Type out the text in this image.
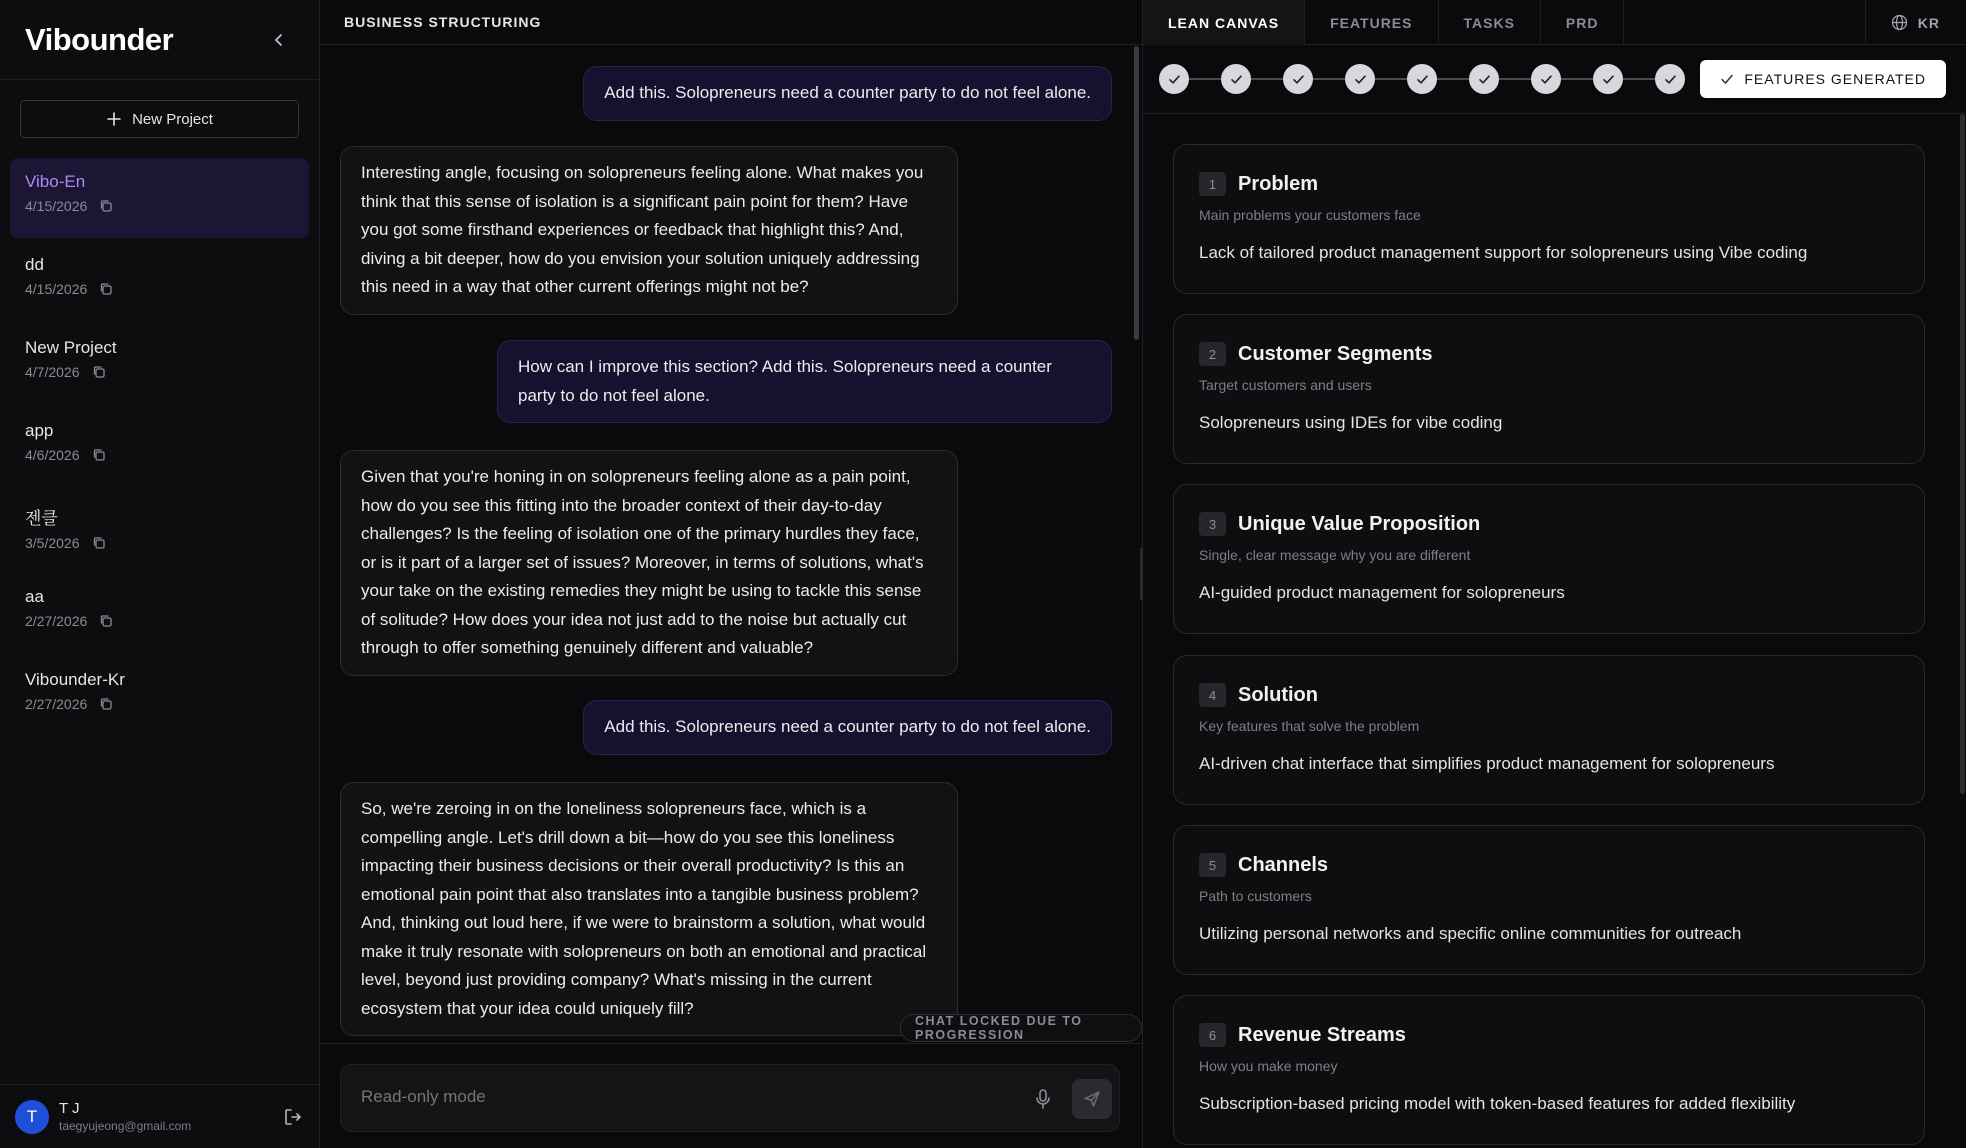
Vibounder
New Project
Vibo-En
4/15/2026
dd
4/15/2026
New Project
4/7/2026
app
4/6/2026
젠클
3/5/2026
aa
2/27/2026
Vibounder-Kr
2/27/2026
T	T J
taegyujeong@gmail.com
BUSINESS STRUCTURING
Add this. Solopreneurs need a counter party to do not feel alone.
Interesting angle, focusing on solopreneurs feeling alone. What makes you think that this sense of isolation is a significant pain point for them? Have you got some firsthand experiences or feedback that highlight this? And, diving a bit deeper, how do you envision your solution uniquely addressing this need in a way that other current offerings might not be?
How can I improve this section? Add this. Solopreneurs need a counter party to do not feel alone.
Given that you're honing in on solopreneurs feeling alone as a pain point, how do you see this fitting into the broader context of their day-to-day challenges? Is the feeling of isolation one of the primary hurdles they face, or is it part of a larger set of issues? Moreover, in terms of solutions, what's your take on the existing remedies they might be using to tackle this sense of solitude? How does your idea not just add to the noise but actually cut through to offer something genuinely different and valuable?
Add this. Solopreneurs need a counter party to do not feel alone.
So, we're zeroing in on the loneliness solopreneurs face, which is a compelling angle. Let's drill down a bit—how do you see this loneliness impacting their business decisions or their overall productivity? Is this an emotional pain point that also translates into a tangible business problem? And, thinking out loud here, if we were to brainstorm a solution, what would make it truly resonate with solopreneurs on both an emotional and practical level, beyond just providing company? What's missing in the current ecosystem that your idea could uniquely fill?
CHAT LOCKED DUE TO PROGRESSION
Read-only mode
LEAN CANVAS	FEATURES	TASKS	PRD	KR
FEATURES GENERATED
1	Problem
Main problems your customers face
Lack of tailored product management support for solopreneurs using Vibe coding
2	Customer Segments
Target customers and users
Solopreneurs using IDEs for vibe coding
3	Unique Value Proposition
Single, clear message why you are different
AI-guided product management for solopreneurs
4	Solution
Key features that solve the problem
AI-driven chat interface that simplifies product management for solopreneurs
5	Channels
Path to customers
Utilizing personal networks and specific online communities for outreach
6	Revenue Streams
How you make money
Subscription-based pricing model with token-based features for added flexibility
